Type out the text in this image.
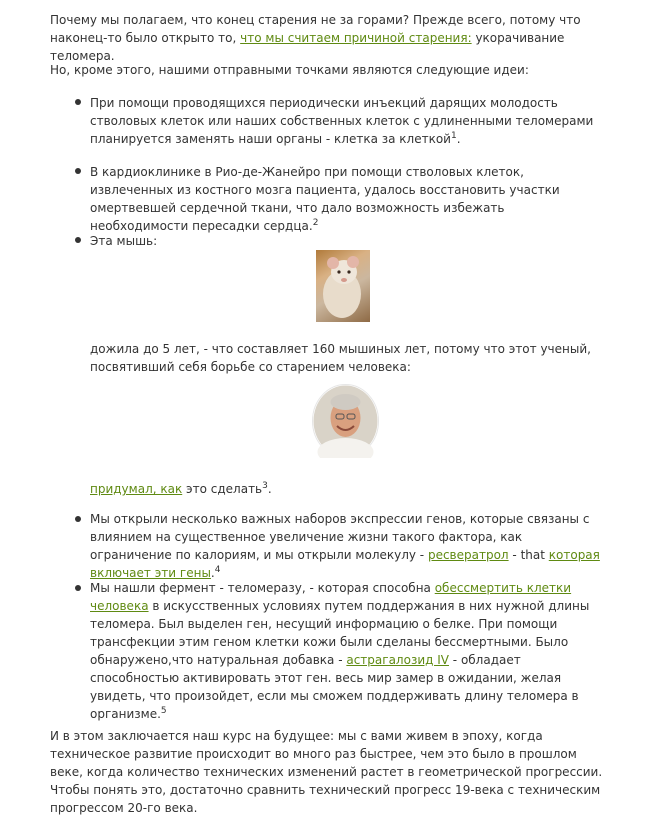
Почему мы полагаем, что конец старения не за горами? Прежде всего, потому что наконец-то было открыто то, что мы считаем причиной старения: укорачивание теломера.

Но, кроме этого, нашими отправными точками являются следующие идеи:

При помощи проводящихся периодически инъекций дарящих молодость стволовых клеток или наших собственных клеток с удлиненными теломерами планируется заменять наши органы - клетка за клеткой$^1$.

В кардиоклинике в Рио-де-Жанейро при помощи стволовых клеток, извлеченных из костного мозга пациента, удалось восстановить участки омертвевшей сердечной ткани, что дало возможность избежать необходимости пересадки сердца.$^2$

Эта мышь:

дожила до 5 лет, - что составляет 160 мышиных лет, потому что этот ученый, посвятивший себя борьбе со старением человека:

придумал, как это сделать$^3$.

Мы открыли несколько важных наборов экспрессии генов, которые связаны с влиянием на существенное увеличение жизни такого фактора, как ограничение по калориям, и мы открыли молекулу - ресвератрол - that которая включает эти гены.$^4$

Мы нашли фермент - теломеразу, - которая способна обессмертить клетки человека в искусственных условиях путем поддержания в них нужной длины теломера. Был выделен ген, несущий информацию о белке. При помощи трансфекции этим геном клетки кожи были сделаны бессмертными. Было обнаружено,что натуральная добавка - астрагалозид IV - обладает способностью активировать этот ген. весь мир замер в ожидании, желая увидеть, что произойдет, если мы сможем поддерживать длину теломера в организме.$^5$

И в этом заключается наш курс на будущее: мы с вами живем в эпоху, когда техническое развитие происходит во много раз быстрее, чем это было в прошлом веке, когда количество технических изменений растет в геометрической прогрессии. Чтобы понять это, достаточно сравнить технический прогресс 19-века с техническим прогрессом 20-го века.
